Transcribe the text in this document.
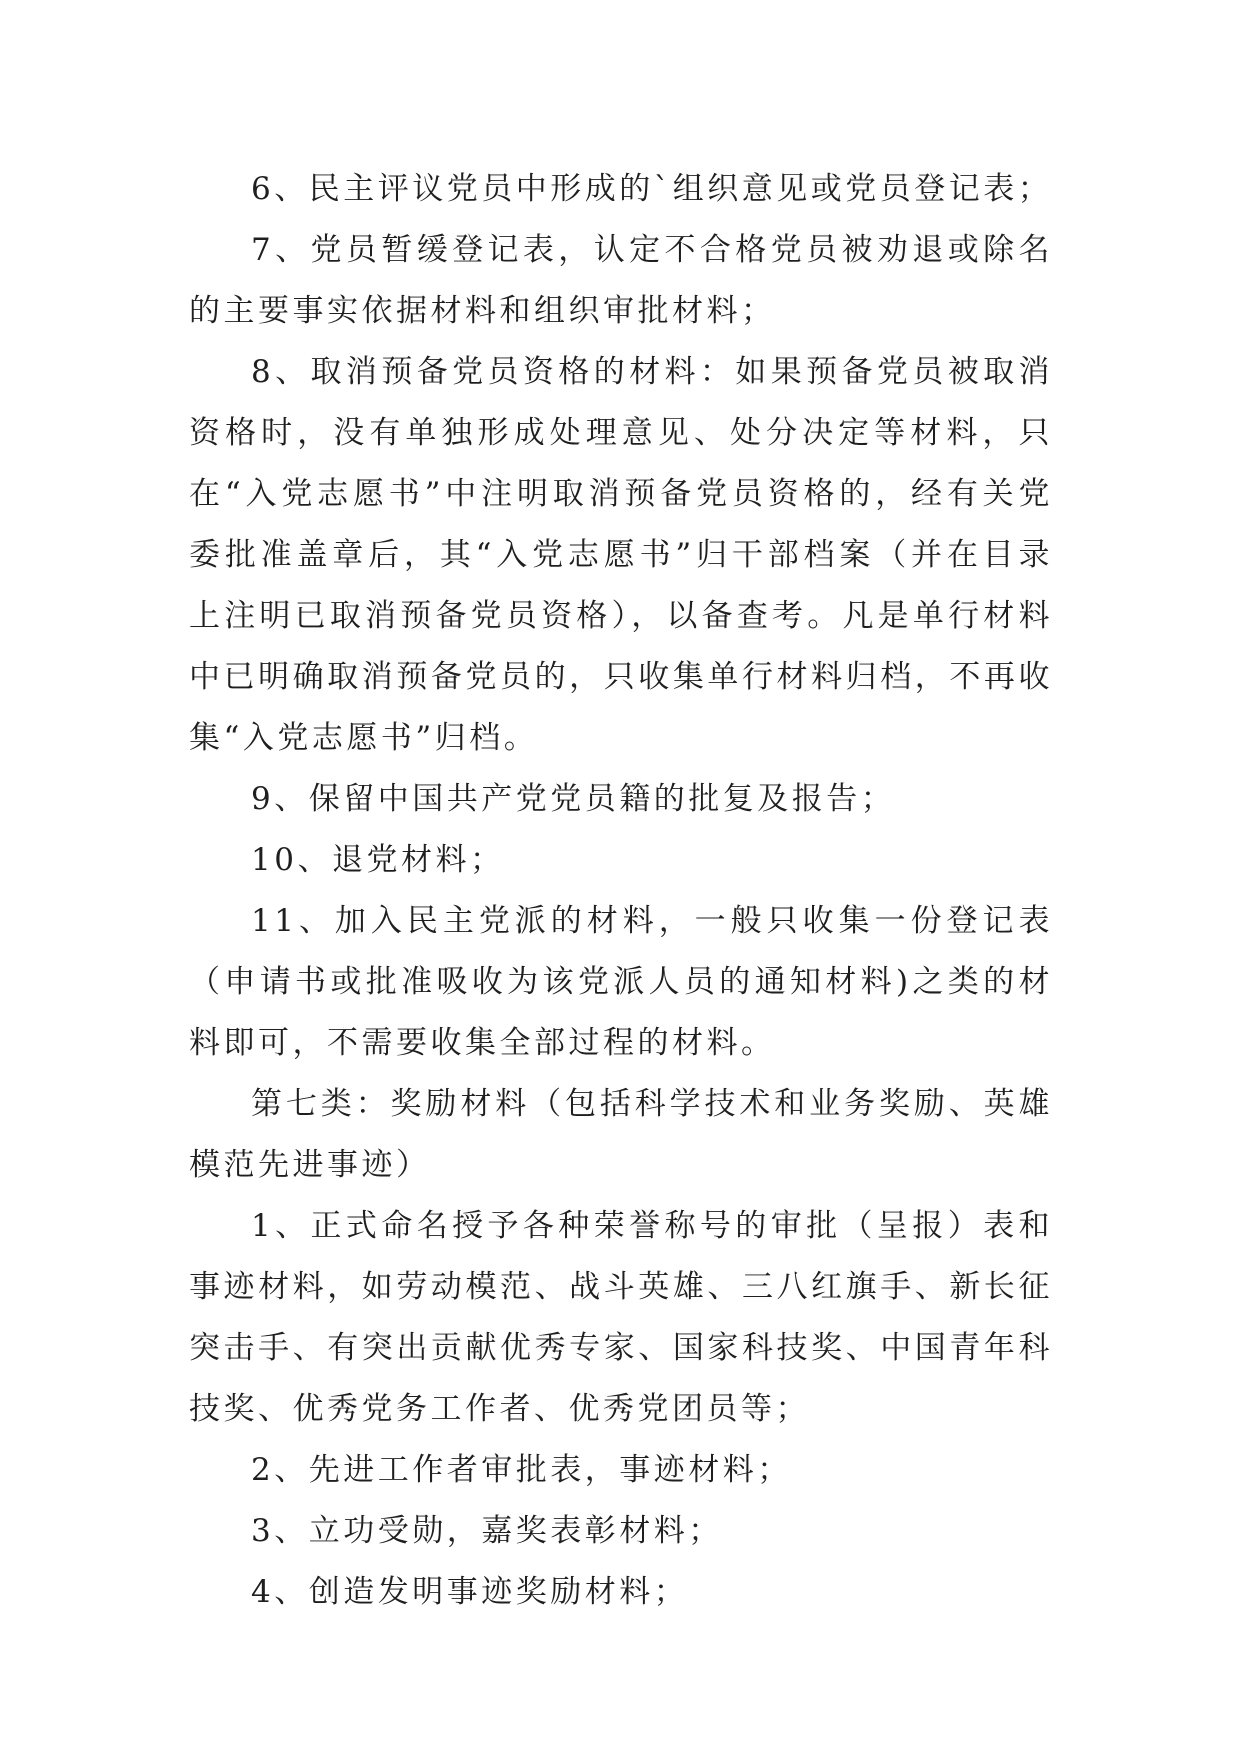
6、民主评议党员中形成的`组织意见或党员登记表；

7、党员暂缓登记表，认定不合格党员被劝退或除名的主要事实依据材料和组织审批材料；

8、取消预备党员资格的材料：如果预备党员被取消资格时，没有单独形成处理意见、处分决定等材料，只在“入党志愿书”中注明取消预备党员资格的，经有关党委批准盖章后，其“入党志愿书”归干部档案（并在目录上注明已取消预备党员资格），以备查考。凡是单行材料中已明确取消预备党员的，只收集单行材料归档，不再收集“入党志愿书”归档。

9、保留中国共产党党员籍的批复及报告；

10、退党材料；

11、加入民主党派的材料，一般只收集一份登记表（申请书或批准吸收为该党派人员的通知材料)之类的材料即可，不需要收集全部过程的材料。

第七类：奖励材料（包括科学技术和业务奖励、英雄模范先进事迹）

1、正式命名授予各种荣誉称号的审批（呈报）表和事迹材料，如劳动模范、战斗英雄、三八红旗手、新长征突击手、有突出贡献优秀专家、国家科技奖、中国青年科技奖、优秀党务工作者、优秀党团员等；

2、先进工作者审批表，事迹材料；

3、立功受勋，嘉奖表彰材料；

4、创造发明事迹奖励材料；
